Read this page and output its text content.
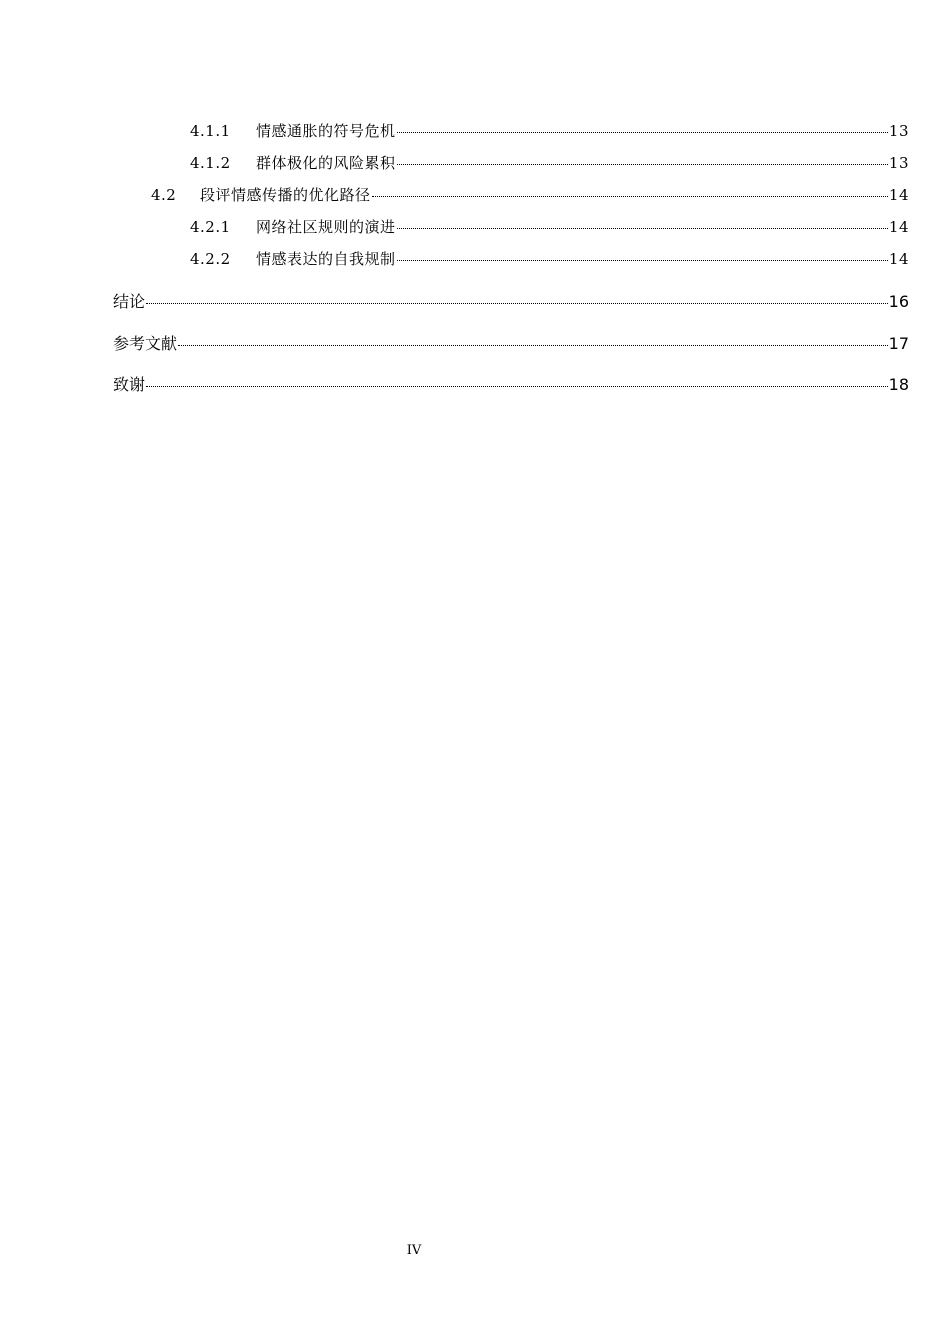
4.1.1	情感通胀的符号危机	13
4.1.2	群体极化的风险累积	13
4.2	段评情感传播的优化路径	14
4.2.1	网络社区规则的演进	14
4.2.2	情感表达的自我规制	14
结论	16
参考文献	17
致谢	18
IV
